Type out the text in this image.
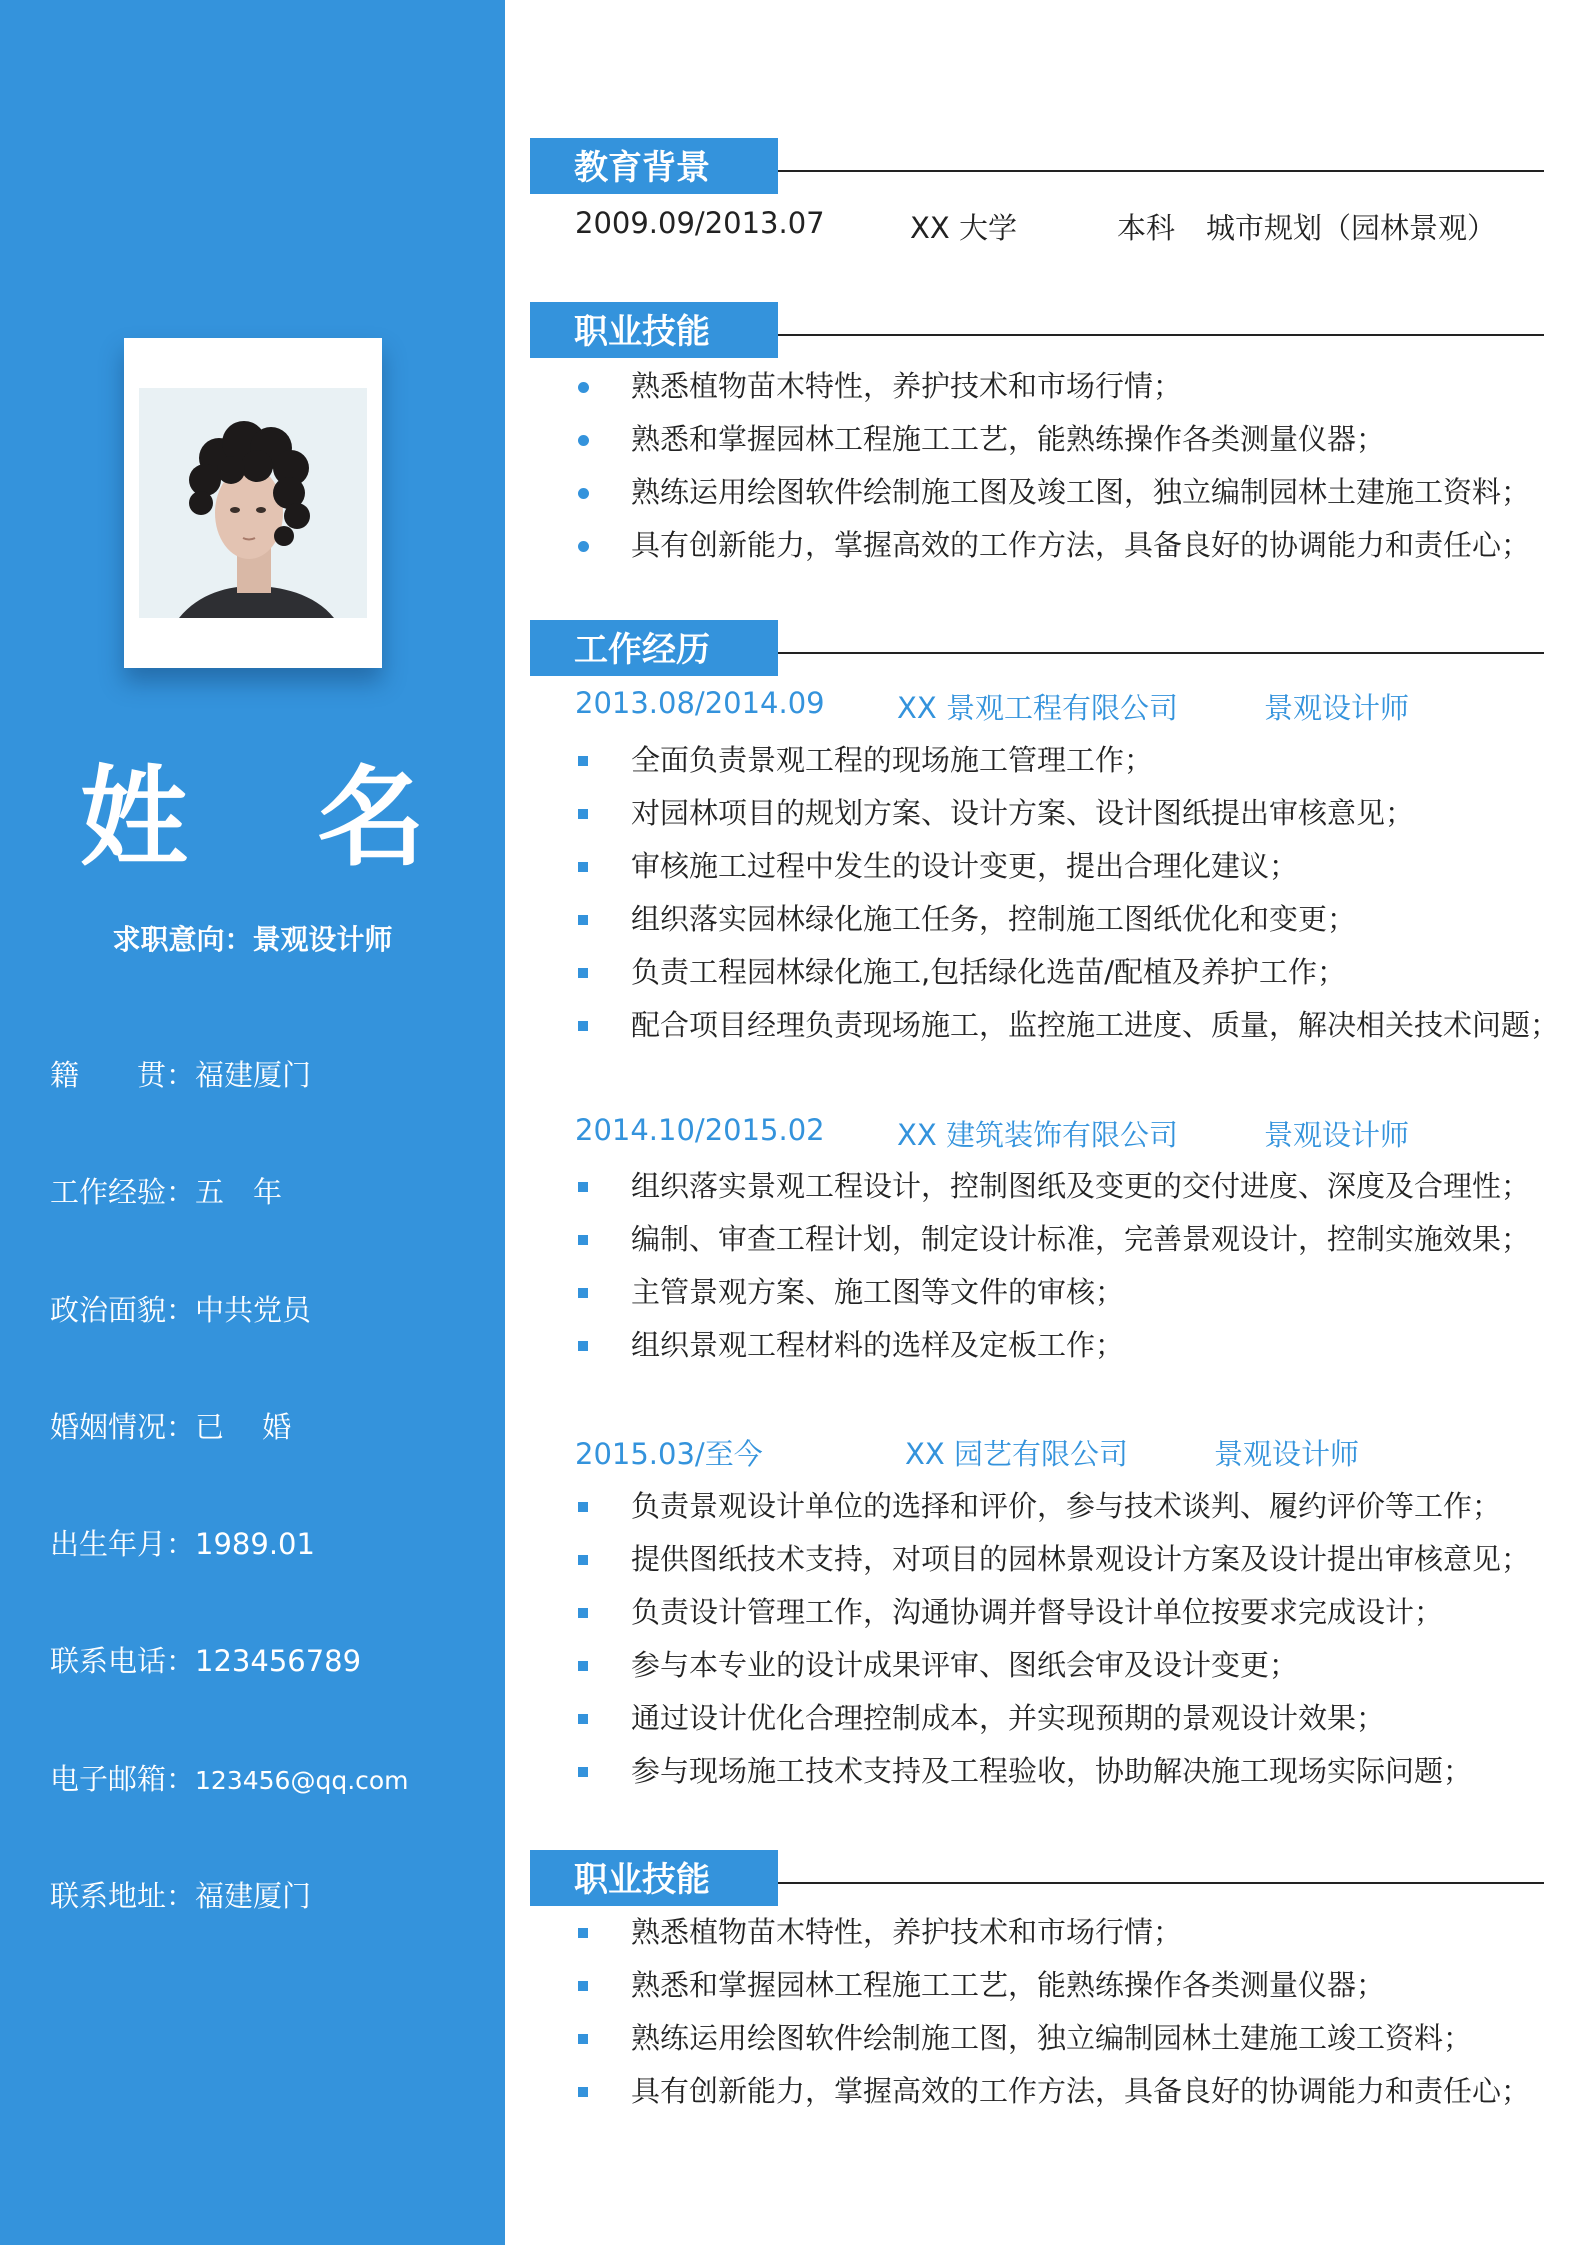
姓 名
求职意向：景观设计师
籍　　贯：福建厦门
工作经验：五　年
政治面貌：中共党员
婚姻情况：已　 婚
出生年月：1989.01
联系电话：123456789
电子邮箱：123456@qq.com
联系地址：福建厦门
教育背景
2009.09/2013.07	XX 大学	本科 城市规划（园林景观）
职业技能
熟悉植物苗木特性，养护技术和市场行情；
熟悉和掌握园林工程施工工艺，能熟练操作各类测量仪器；
熟练运用绘图软件绘制施工图及竣工图，独立编制园林土建施工资料；
具有创新能力，掌握高效的工作方法，具备良好的协调能力和责任心；
工作经历
2013.08/2014.09 XX 景观工程有限公司	景观设计师
全面负责景观工程的现场施工管理工作；
对园林项目的规划方案、设计方案、设计图纸提出审核意见；
审核施工过程中发生的设计变更，提出合理化建议；
组织落实园林绿化施工任务，控制施工图纸优化和变更；
负责工程园林绿化施工,包括绿化选苗/配植及养护工作；
配合项目经理负责现场施工，监控施工进度、质量，解决相关技术问题；
2014.10/2015.02 XX 建筑装饰有限公司	景观设计师
组织落实景观工程设计，控制图纸及变更的交付进度、深度及合理性；
编制、审查工程计划，制定设计标准，完善景观设计，控制实施效果；
主管景观方案、施工图等文件的审核；
组织景观工程材料的选样及定板工作；
2015.03/至今	XX 园艺有限公司	景观设计师
负责景观设计单位的选择和评价，参与技术谈判、履约评价等工作；
提供图纸技术支持，对项目的园林景观设计方案及设计提出审核意见；
负责设计管理工作，沟通协调并督导设计单位按要求完成设计；
参与本专业的设计成果评审、图纸会审及设计变更；
通过设计优化合理控制成本，并实现预期的景观设计效果；
参与现场施工技术支持及工程验收，协助解决施工现场实际问题；
职业技能
熟悉植物苗木特性，养护技术和市场行情；
熟悉和掌握园林工程施工工艺，能熟练操作各类测量仪器；
熟练运用绘图软件绘制施工图，独立编制园林土建施工竣工资料；
具有创新能力，掌握高效的工作方法，具备良好的协调能力和责任心；
